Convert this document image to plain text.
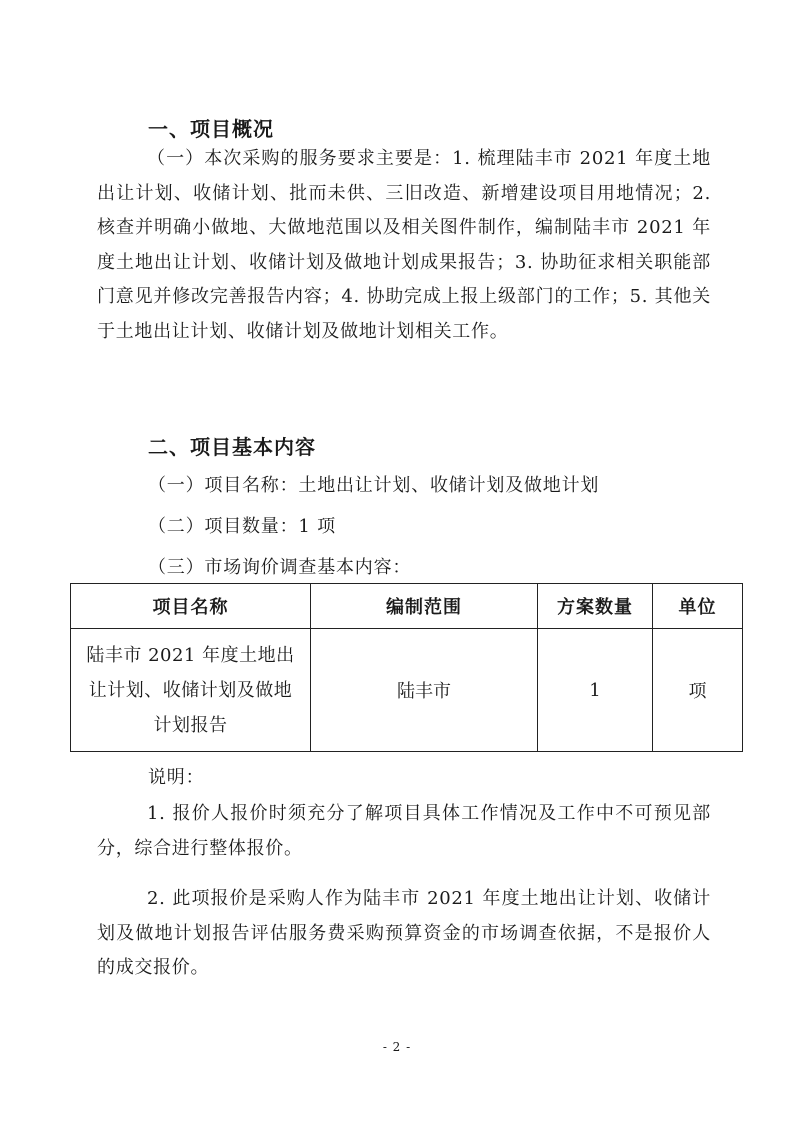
一、项目概况

（一）本次采购的服务要求主要是：1. 梳理陆丰市 2021 年度土地出让计划、收储计划、批而未供、三旧改造、新增建设项目用地情况；2. 核查并明确小做地、大做地范围以及相关图件制作，编制陆丰市 2021 年度土地出让计划、收储计划及做地计划成果报告；3. 协助征求相关职能部门意见并修改完善报告内容；4. 协助完成上报上级部门的工作；5. 其他关于土地出让计划、收储计划及做地计划相关工作。

二、项目基本内容
（一）项目名称：土地出让计划、收储计划及做地计划
（二）项目数量：1 项
（三）市场询价调查基本内容：
项目名称	编制范围	方案数量	单位

陆丰市 2021 年度土地出
让计划、收储计划及做地
计划报告	陆丰市	1	项
说明：

1. 报价人报价时须充分了解项目具体工作情况及工作中不可预见部分，综合进行整体报价。

2. 此项报价是采购人作为陆丰市 2021 年度土地出让计划、收储计划及做地计划报告评估服务费采购预算资金的市场调查依据，不是报价人的成交报价。

- 2 -
